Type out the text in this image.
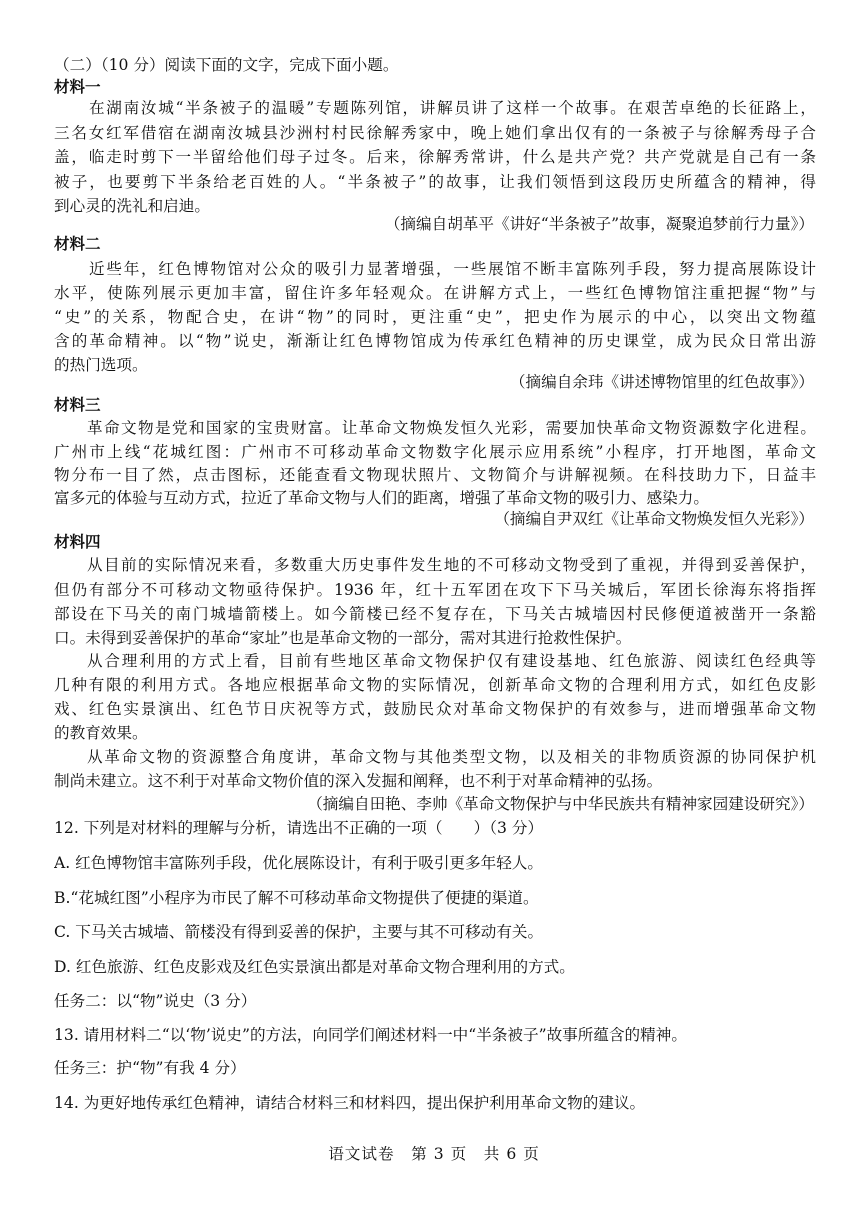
（二）（10 分）阅读下面的文字，完成下面小题。
材料一
在湖南汝城“半条被子的温暖”专题陈列馆，讲解员讲了这样一个故事。在艰苦卓绝的长征路上，
三名女红军借宿在湖南汝城县沙洲村村民徐解秀家中，晚上她们拿出仅有的一条被子与徐解秀母子合
盖，临走时剪下一半留给他们母子过冬。后来，徐解秀常讲，什么是共产党？共产党就是自己有一条
被子，也要剪下半条给老百姓的人。“半条被子”的故事，让我们领悟到这段历史所蕴含的精神，得
到心灵的洗礼和启迪。
（摘编自胡革平《讲好“半条被子”故事，凝聚追梦前行力量》）
材料二
近些年，红色博物馆对公众的吸引力显著增强，一些展馆不断丰富陈列手段，努力提高展陈设计
水平，使陈列展示更加丰富，留住许多年轻观众。在讲解方式上，一些红色博物馆注重把握“物”与
“史”的关系，物配合史，在讲“物”的同时，更注重“史”，把史作为展示的中心，以突出文物蕴
含的革命精神。以“物”说史，渐渐让红色博物馆成为传承红色精神的历史课堂，成为民众日常出游
的热门选项。
（摘编自余玮《讲述博物馆里的红色故事》）
材料三
革命文物是党和国家的宝贵财富。让革命文物焕发恒久光彩，需要加快革命文物资源数字化进程。
广州市上线“花城红图：广州市不可移动革命文物数字化展示应用系统”小程序，打开地图，革命文
物分布一目了然，点击图标，还能查看文物现状照片、文物简介与讲解视频。在科技助力下，日益丰
富多元的体验与互动方式，拉近了革命文物与人们的距离，增强了革命文物的吸引力、感染力。
（摘编自尹双红《让革命文物焕发恒久光彩》）
材料四
从目前的实际情况来看，多数重大历史事件发生地的不可移动文物受到了重视，并得到妥善保护，
但仍有部分不可移动文物亟待保护。1936 年，红十五军团在攻下下马关城后，军团长徐海东将指挥
部设在下马关的南门城墙箭楼上。如今箭楼已经不复存在，下马关古城墙因村民修便道被凿开一条豁
口。未得到妥善保护的革命“家址”也是革命文物的一部分，需对其进行抢救性保护。
从合理利用的方式上看，目前有些地区革命文物保护仅有建设基地、红色旅游、阅读红色经典等
几种有限的利用方式。各地应根据革命文物的实际情况，创新革命文物的合理利用方式，如红色皮影
戏、红色实景演出、红色节日庆祝等方式，鼓励民众对革命文物保护的有效参与，进而增强革命文物
的教育效果。
从革命文物的资源整合角度讲，革命文物与其他类型文物，以及相关的非物质资源的协同保护机
制尚未建立。这不利于对革命文物价值的深入发掘和阐释，也不利于对革命精神的弘扬。
（摘编自田艳、李帅《革命文物保护与中华民族共有精神家园建设研究》）
12. 下列是对材料的理解与分析，请选出不正确的一项（　　）（3 分）
A. 红色博物馆丰富陈列手段，优化展陈设计，有利于吸引更多年轻人。
B.“花城红图”小程序为市民了解不可移动革命文物提供了便捷的渠道。
C. 下马关古城墙、箭楼没有得到妥善的保护，主要与其不可移动有关。
D. 红色旅游、红色皮影戏及红色实景演出都是对革命文物合理利用的方式。
任务二：以“物”说史（3 分）
13. 请用材料二“以‘物’说史”的方法，向同学们阐述材料一中“半条被子”故事所蕴含的精神。
任务三：护“物”有我 4 分）
14. 为更好地传承红色精神，请结合材料三和材料四，提出保护利用革命文物的建议。
语文试卷　第 3 页　共 6 页
